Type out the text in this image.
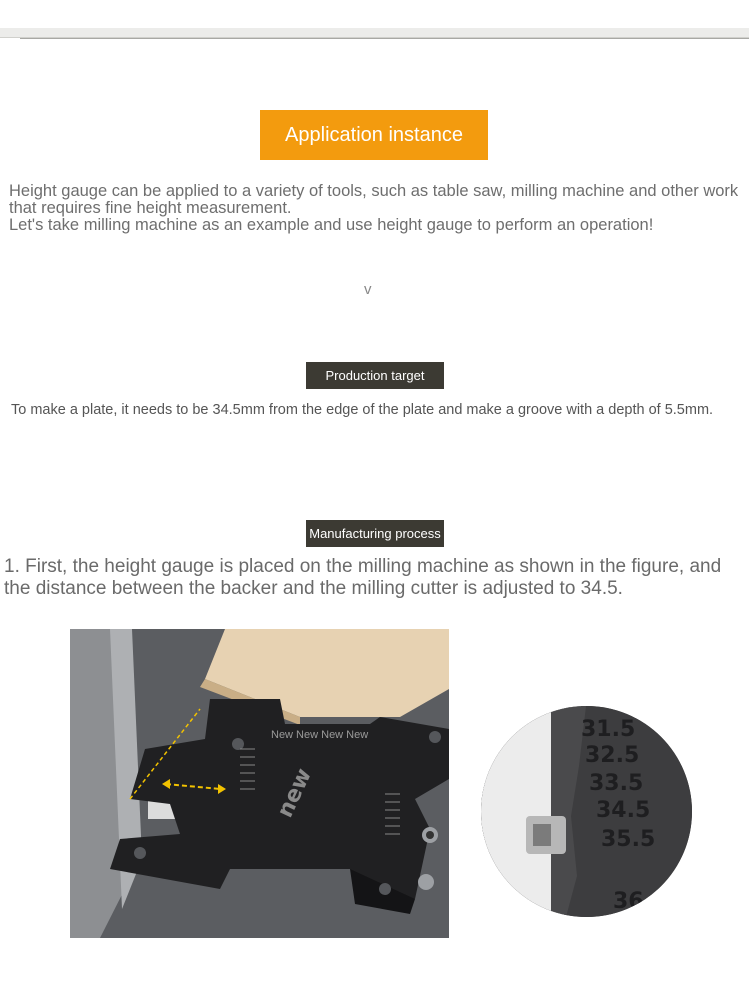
Application instance

Height gauge can be applied to a variety of tools, such as table saw, milling machine and other work that requires fine height measurement.

Let's take milling machine as an example and use height gauge to perform an operation!

v
Production target
To make a plate, it needs to be 34.5mm from the edge of the plate and make a groove with a depth of 5.5mm.
Manufacturing process
1. First, the height gauge is placed on the milling machine as shown in the figure, and the distance between the backer and the milling cutter is adjusted to 34.5.
new
New New New New	31.5
32.5
33.5
34.5
35.5
36
